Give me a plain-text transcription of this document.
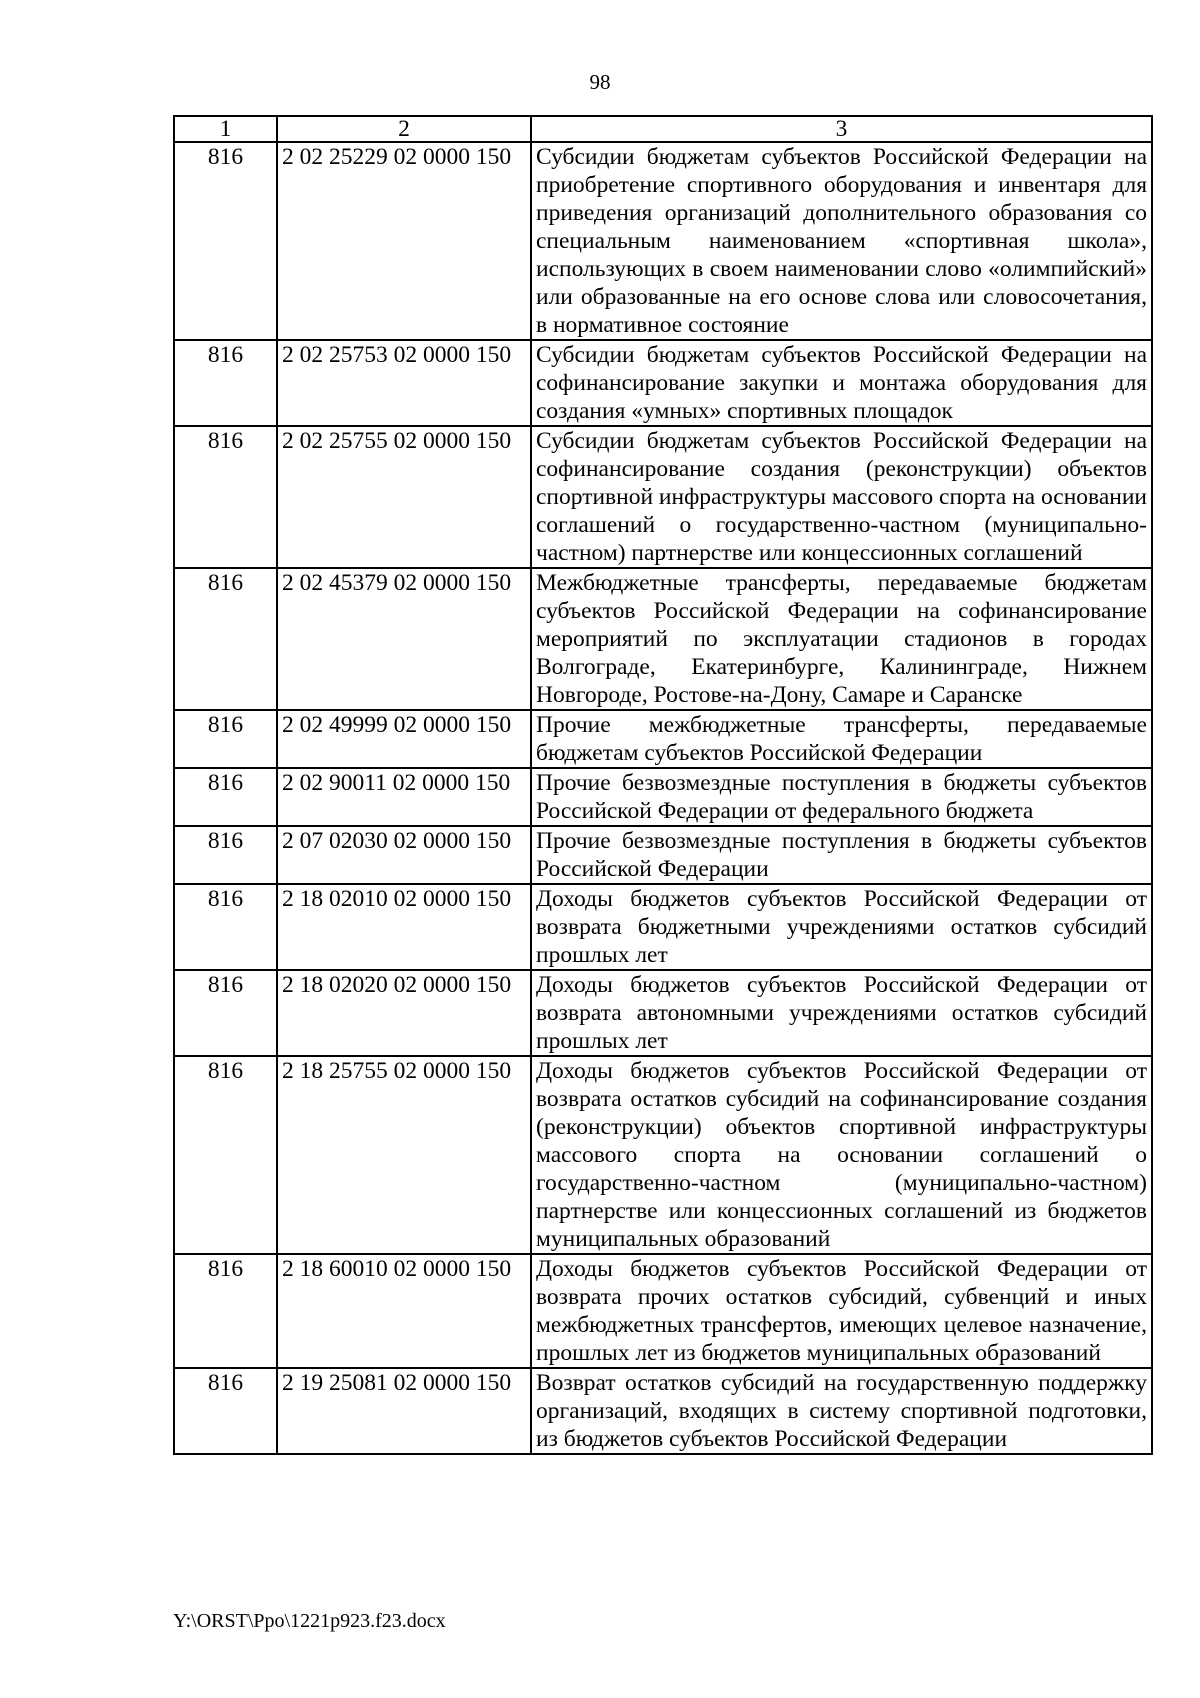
98
1	2	3
816	2 02 25229 02 0000 150	Субсидии бюджетам субъектов Российской Федерации на приобретение спортивного оборудования и инвентаря для приведения организаций дополнительного образования со специальным наименованием «спортивная школа», использующих в своем наименовании слово «олимпийский» или образованные на его основе слова или словосочетания, в нормативное состояние
816	2 02 25753 02 0000 150	Субсидии бюджетам субъектов Российской Федерации на софинансирование закупки и монтажа оборудования для создания «умных» спортивных площадок
816	2 02 25755 02 0000 150	Субсидии бюджетам субъектов Российской Федерации на софинансирование создания (реконструкции) объектов спортивной инфраструктуры массового спорта на основании соглашений о государственно-частном (муниципально-частном) партнерстве или концессионных соглашений
816	2 02 45379 02 0000 150	Межбюджетные трансферты, передаваемые бюджетам субъектов Российской Федерации на софинансирование мероприятий по эксплуатации стадионов в городах Волгограде, Екатеринбурге, Калининграде, Нижнем Новгороде, Ростове-на-Дону, Самаре и Саранске
816	2 02 49999 02 0000 150	Прочие межбюджетные трансферты, передаваемые бюджетам субъектов Российской Федерации
816	2 02 90011 02 0000 150	Прочие безвозмездные поступления в бюджеты субъектов Российской Федерации от федерального бюджета
816	2 07 02030 02 0000 150	Прочие безвозмездные поступления в бюджеты субъектов Российской Федерации
816	2 18 02010 02 0000 150	Доходы бюджетов субъектов Российской Федерации от возврата бюджетными учреждениями остатков субсидий прошлых лет
816	2 18 02020 02 0000 150	Доходы бюджетов субъектов Российской Федерации от возврата автономными учреждениями остатков субсидий прошлых лет
816	2 18 25755 02 0000 150	Доходы бюджетов субъектов Российской Федерации от возврата остатков субсидий на софинансирование создания (реконструкции) объектов спортивной инфраструктуры массового спорта на основании соглашений о государственно-частном (муниципально-частном) партнерстве или концессионных соглашений из бюджетов муниципальных образований
816	2 18 60010 02 0000 150	Доходы бюджетов субъектов Российской Федерации от возврата прочих остатков субсидий, субвенций и иных межбюджетных трансфертов, имеющих целевое назначение, прошлых лет из бюджетов муниципальных образований
816	2 19 25081 02 0000 150	Возврат остатков субсидий на государственную поддержку организаций, входящих в систему спортивной подготовки, из бюджетов субъектов Российской Федерации
Y:\ORST\Ppo\1221p923.f23.docx
